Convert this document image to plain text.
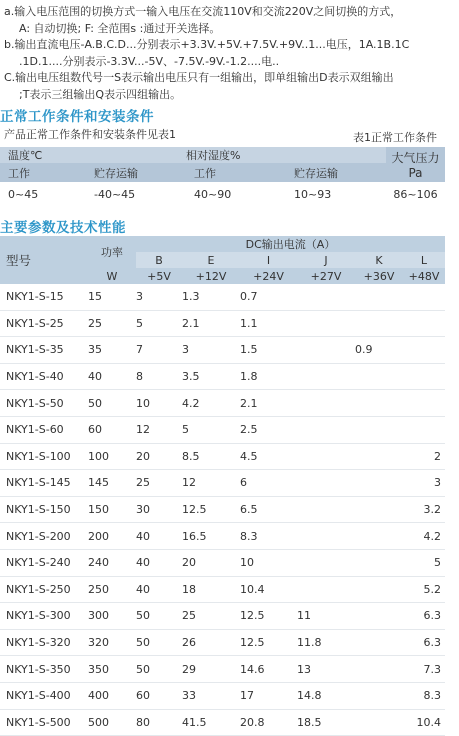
a.输入电压范围的切换方式一输入电压在交流110V和交流220V之间切换的方式，

A: 自动切换; F: 全范围s :通过开关选择。

b.输出直流电压-A.B.C.D...分别表示+3.3V.+5V.+7.5V.+9V..1...电压，1A.1B.1C

.1D.1....分别表示-3.3V...-5V、-7.5V.-9V.-1.2....电..

C.输出电压组数代号一S表示输出电压只有一组输出，即单组输出D表示双组输出

;T表示三组输出Q表示四组输出。

正常工作条件和安装条件
产品正常工作条件和安装条件见表1	表1正常工作条件
温度℃		相对湿度%		大气压力Pa
工作	贮存运输	工作	贮存运输	
0~45	-40~45	40~90	10~93	86~106
主要参数及技术性能
型号	功率	DC输出电流（A）					
		B	E	I	J	K	L
	W	+5V	+12V	+24V	+27V	+36V	+48V
NKY1-S-15	15	3	1.3	0.7			
NKY1-S-25	25	5	2.1	1.1			
NKY1-S-35	35	7	3	1.5		0.9	
NKY1-S-40	40	8	3.5	1.8			
NKY1-S-50	50	10	4.2	2.1			
NKY1-S-60	60	12	5	2.5			
NKY1-S-100	100	20	8.5	4.5			2
NKY1-S-145	145	25	12	6			3
NKY1-S-150	150	30	12.5	6.5			3.2
NKY1-S-200	200	40	16.5	8.3			4.2
NKY1-S-240	240	40	20	10			5
NKY1-S-250	250	40	18	10.4			5.2
NKY1-S-300	300	50	25	12.5	11		6.3
NKY1-S-320	320	50	26	12.5	11.8		6.3
NKY1-S-350	350	50	29	14.6	13		7.3
NKY1-S-400	400	60	33	17	14.8		8.3
NKY1-S-500	500	80	41.5	20.8	18.5		10.4
